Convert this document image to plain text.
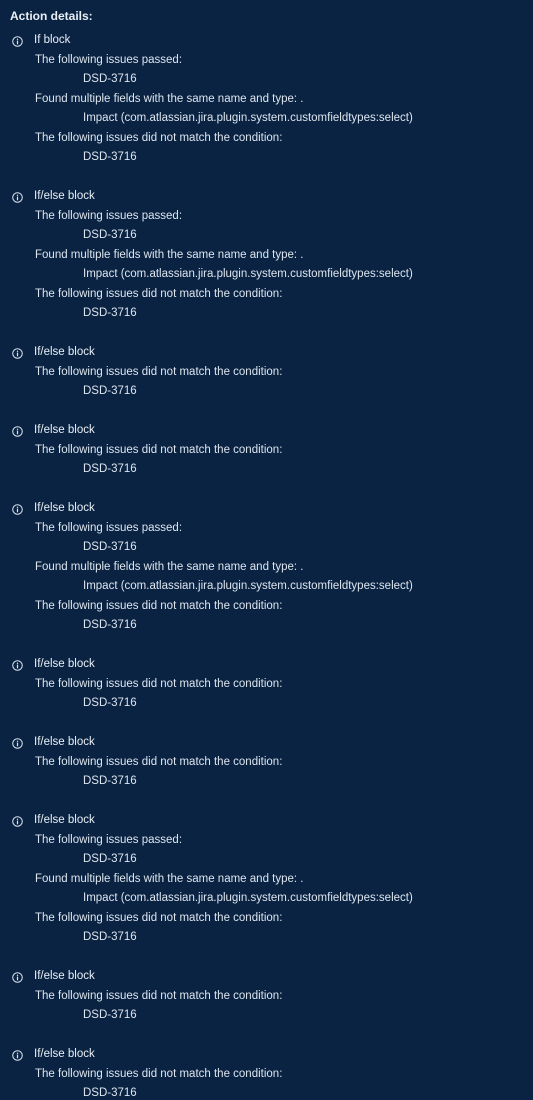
Action details:
If block
The following issues passed:
DSD-3716
Found multiple fields with the same name and type: .
Impact (com.atlassian.jira.plugin.system.customfieldtypes:select)
The following issues did not match the condition:
DSD-3716
If/else block
The following issues passed:
DSD-3716
Found multiple fields with the same name and type: .
Impact (com.atlassian.jira.plugin.system.customfieldtypes:select)
The following issues did not match the condition:
DSD-3716
If/else block
The following issues did not match the condition:
DSD-3716
If/else block
The following issues did not match the condition:
DSD-3716
If/else block
The following issues passed:
DSD-3716
Found multiple fields with the same name and type: .
Impact (com.atlassian.jira.plugin.system.customfieldtypes:select)
The following issues did not match the condition:
DSD-3716
If/else block
The following issues did not match the condition:
DSD-3716
If/else block
The following issues did not match the condition:
DSD-3716
If/else block
The following issues passed:
DSD-3716
Found multiple fields with the same name and type: .
Impact (com.atlassian.jira.plugin.system.customfieldtypes:select)
The following issues did not match the condition:
DSD-3716
If/else block
The following issues did not match the condition:
DSD-3716
If/else block
The following issues did not match the condition:
DSD-3716
